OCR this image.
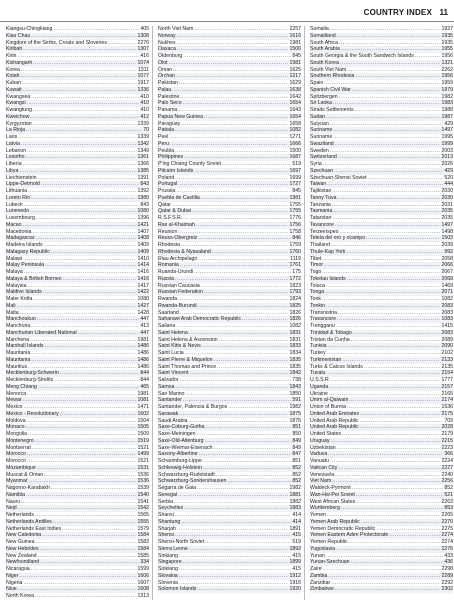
COUNTRY INDEX 11
Kiangsu-Chingkiang .....	405
Kiau Chau .....	1308
Kingdom of the Serbs, Croats and Slovenes .....	2276
Kiribati .....	1307
Kirin .....	416
Kishangarh .....	1074
Korea .....	1311
Kotah .....	1077
Kuban .....	1917
Kuwait .....	1336
Kwangsea .....	410
Kwangsi .....	410
Kwangtung .....	410
Kweichow .....	412
Kyrgyzstan .....	1339
La Rioja .....	70
Laos .....	1339
Latvia .....	1342
Lebanon .....	1349
Lesotho .....	1361
Liberia .....	1366
Libya .....	1385
Liechtenstein .....	1391
Lippe-Detmold .....	843
Lithuania .....	1392
Loreto Rio .....	1980
Lubeck .....	843
Lunenedo .....	1080
Luxembourg .....	1396
Macao .....	1421
Macedonia .....	1407
Madagascar .....	1408
Madeira Islands .....	1409
Malagasy Republic .....	1409
Malawi .....	1410
Malay Peninsula .....	1414
Malaya .....	1416
Malaya & British Borneo .....	1416
Malaysia .....	1417
Maldive Islands .....	1422
Maler Kotla .....	1080
Mali .....	1427
Malta .....	1428
Manchoukuo .....	447
Manchuria .....	413
Manchurian Liberated National .....	447
Marchena .....	1981
Marshall Islands .....	1486
Mauritania .....	1486
Mauritania .....	1486
Mauritius .....	1486
Mecklenburg-Schwerin .....	844
Mecklenburg-Strelitz .....	844
Meng Chiang .....	465
Menorca .....	1981
Mewar .....	1081
Mexico .....	1471
Mexico - Revolutionary .....	1602
Moldova .....	1504
Monaco .....	1505
Mongolia .....	1509
Montenegro .....	1519
Montserrat .....	1521
Morocco .....	1499
Morocco .....	1521
Mozambique .....	1531
Muscat & Oman .....	1536
Myanmar .....	1536
Nagorno-Karabakh .....	1539
Namibia .....	1540
Nauru .....	1541
Nejd .....	1542
Netherlands .....	1565
Netherlands Antilles .....	1555
Netherlands East Indies .....	1579
New Caledonia .....	1584
New Guinea .....	1583
New Hebrides .....	1584
New Zealand .....	1585
Newfoundland .....	334
Nicaragua .....	1599
Niger .....	1606
Nigeria .....	1607
Niue .....	1608
North Korea .....	1313
North Viet Nam .....	2257
Norway .....	1616
Nukhes .....	1981
Oaxaca .....	1500
Oldenburg .....	845
Olot .....	1981
Oman .....	1625
Orchan .....	1217
Pakistan .....	1629
Palau .....	1638
Palestine .....	1642
Palo Seco .....	1654
Panama .....	1643
Papua New Guinea .....	1654
Paraguay .....	1658
Patiala .....	1082
Peel .....	1271
Peru .....	1666
Peubla .....	1500
Philippines .....	1687
P'ing Chiang County Soviet .....	519
Pitcairn Islands .....	1697
Poland .....	1699
Portugal .....	1727
Prussia .....	845
Puebla de Castilla .....	1981
Qatar .....	1755
Qatar & Dubai .....	1755
R.S.F.S.R. .....	1776
Ras al-Khaimah .....	1756
Reunion .....	1758
Reuss-Obergreiz .....	846
Rhodesia .....	1759
Rhodesia & Nyasaland .....	1760
Riau Archipelago .....	1119
Romania .....	1761
Ruanda-Urundi .....	175
Russia .....	1772
Russian Caucasia .....	1823
Russian Federation .....	1793
Rwanda .....	1824
Rwanda-Burundi .....	1825
Saarland .....	1826
Saharawi Arab Democratic Republic .....	1826
Sailana .....	1082
Saint Helena .....	1831
Saint Helena & Ascension .....	1831
Saint Kitts & Nevis .....	1833
Saint Lucia .....	1834
Saint Pierre & Miquelon .....	1835
Saint Thomas and Prince .....	1835
Saint Vincent .....	1842
Salvador .....	738
Samoa .....	1843
San Marino .....	1850
Santander .....	591
Santander, Palencia & Burgos .....	1982
Sarawak .....	1875
Saudi Arabia .....	1876
Saxe-Coburg-Gotha .....	851
Saxe-Meiningen .....	850
Saxe-Old-Altenburg .....	849
Saxe-Weimar-Eisenach .....	849
Saxony-Albertine .....	847
Schaumburg-Lippe .....	851
Schleswig-Holstein .....	852
Schwarzburg-Rudolstadt .....	852
Schwarzburg-Sondershausen .....	852
Segarra de Gaia .....	1982
Senegal .....	1881
Serbia .....	1882
Seychelles .....	1883
Shansi .....	414
Shantung .....	414
Sharjah .....	1891
Shensi .....	415
Shensi-North Soviet .....	519
Sierra Leone .....	1892
Sinkiang .....	415
Singapore .....	1899
Sinkiang .....	415
Slovakia .....	1912
Slovenia .....	1916
Solomon Islands .....	1920
Somalia .....	1927
Somaliland .....	1935
South Africa .....	1935
South Arabia .....	1955
South Georgia & the South Sandwich Islands .....	1956
South Korea .....	1321
South Viet Nam .....	2262
Southern Rhodesia .....	1956
Spain .....	1959
Spanish Civil War .....	1979
Spitzbergen .....	1982
Sri Lanka .....	1983
Straits Settlements .....	1988
Sudan .....	1987
Suiyuan .....	429
Suriname .....	1497
Suriname .....	1995
Swaziland .....	1999
Sweden .....	2003
Switzerland .....	2013
Syria .....	2026
Szechuan .....	429
Szechuan-Shensi Soviet .....	520
Taiwan .....	444
Tajikistan .....	2030
Tanny Tuva .....	2030
Tanzania .....	2031
Tasmania .....	2035
Tatarstan .....	2035
Tavancore .....	1497
Terzeerspeo .....	1498
Tetela del oro y ocampo .....	1503
Thailand .....	2039
Thule-Kap York .....	992
Tibet .....	2058
Timor .....	2066
Togo .....	2067
Tokelau Islands .....	2068
Toluca .....	1469
Tonga .....	2071
Tonk .....	1082
Tonkin .....	2083
Transnistria .....	2083
Travancore .....	1083
Trengganu .....	1415
Trinidad & Tobago .....	2083
Tristan da Cunha .....	2089
Tunisia .....	2090
Turkey .....	2102
Turkmenistan .....	2133
Turks & Caicos Islands .....	2135
Tuvalu .....	2154
U.S.S.R. .....	1777
Uganda .....	2157
Ukraine .....	2165
Umm al-Qaiwain .....	2174
Union of Burma .....	1536
United Arab Emirates .....	2175
United Arab Republic .....	709
United Arab Republic .....	2028
United States .....	2179
Uruguay .....	2215
Uzbekistan .....	2223
Vaduva .....	366
Vanuatu .....	2224
Vatican City .....	2227
Venezuela .....	2240
Viet Nam .....	2256
Waldeck-Pyrmont .....	852
Wan-Hsi-Pei Soviet .....	521
West African States .....	2263
Wurttemberg .....	853
Yemen .....	2265
Yemen Arab Republic .....	2270
Yemen Democratic Republic .....	2275
Yemen Eastern Aden Protectorate .....	2274
Yemen Republic .....	2274
Yugoslavia .....	2276
Yunan .....	433
Yunan-Szechuan .....	436
Zaire .....	2298
Zambia .....	2289
Zanzibar .....	2292
Zimbabwe .....	2302
